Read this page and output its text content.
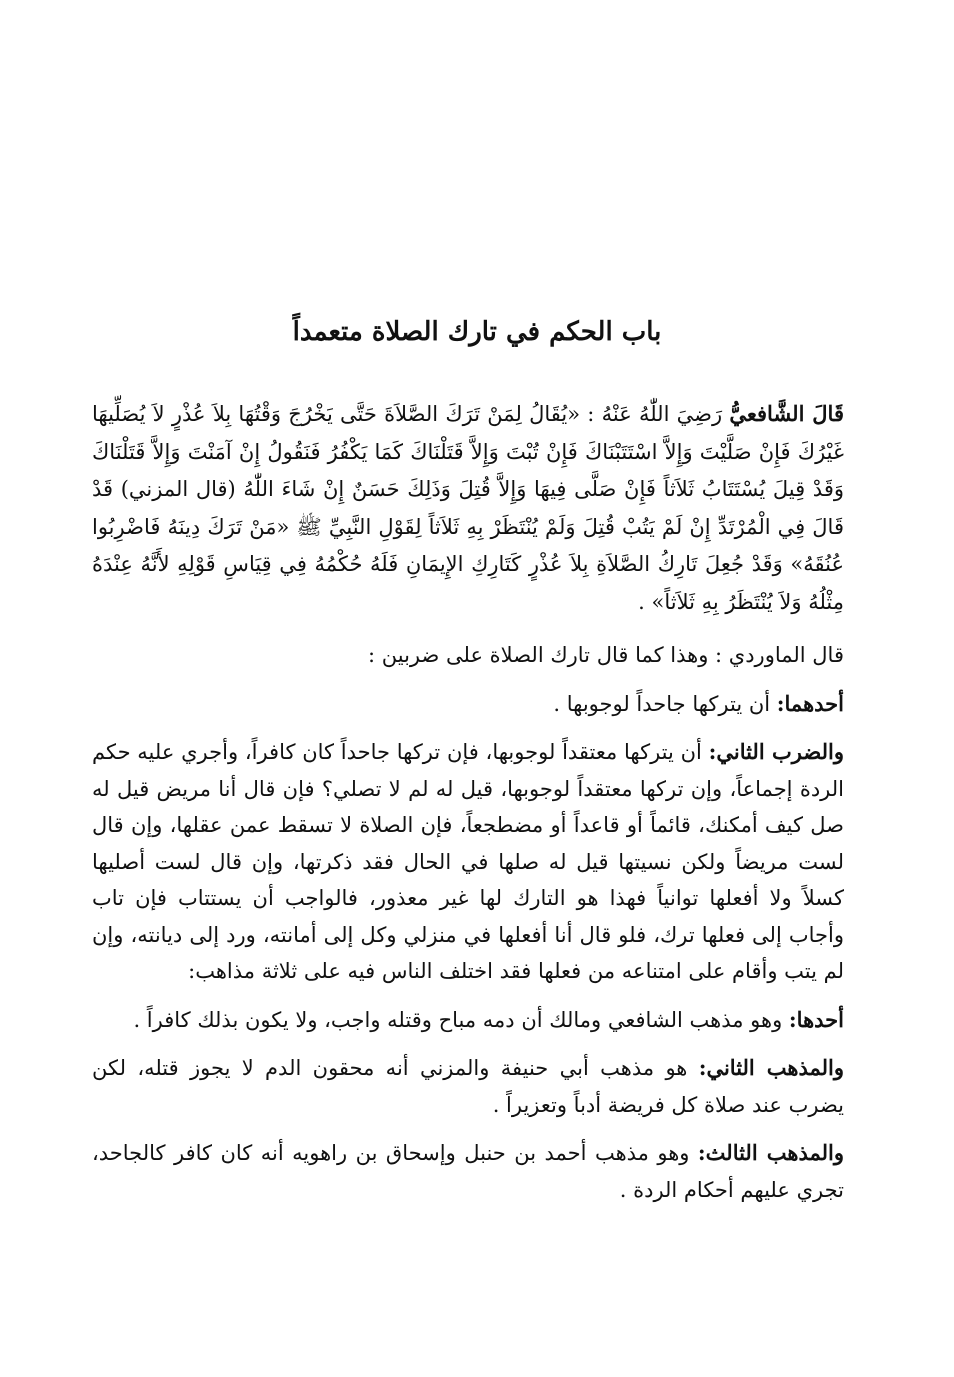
باب الحكم في تارك الصلاة متعمداً

قَالَ الشَّافعيُّ رَضِيَ اللّٰهُ عَنْهُ : «يُقَالُ لِمَنْ تَرَكَ الصَّلاَةَ حَتَّى يَخْرُجَ وَقْتُهَا بِلاَ عُذْرٍ لاَ يُصَلِّيهَا غَيْرُكَ فَإِنْ صَلَّيْتَ وَإِلاَّ اسْتَتَبْنَاكَ فَإِنْ تُبْتَ وَإِلاَّ قَتَلْنَاكَ كَمَا يَكْفُرُ فَنَقُولُ إِنْ آمَنْتَ وَإِلاَّ قَتَلْنَاكَ وَقَدْ قِيلَ يُسْتَتَابُ ثَلاَثاً فَإِنْ صَلَّى فِيهَا وَإِلاَّ قُتِلَ وَذَلِكَ حَسَنٌ إِنْ شَاءَ اللّٰهُ (قال المزني) قَدْ قَالَ فِي الْمُرْتَدِّ إِنْ لَمْ يَتُبْ قُتِلَ وَلَمْ يُنْتَظَرْ بِهِ ثَلاَثاً لِقَوْلِ النَّبِيِّ ﷺ «مَنْ تَرَكَ دِينَهُ فَاضْرِبُوا عُنُقَهُ» وَقَدْ جُعِلَ تَارِكُ الصَّلاَةِ بِلاَ عُذْرٍ كَتَارِكِ الإِيمَانِ فَلَهُ حُكْمُهُ فِي قِيَاسِ قَوْلِهِ لأَنَّهُ عِنْدَهُ مِثْلُهُ وَلاَ يُنْتَظَرُ بِهِ ثَلاَثاً» .

قال الماوردي : وهذا كما قال تارك الصلاة على ضربين :

أحدهما: أن يتركها جاحداً لوجوبها .

والضرب الثاني: أن يتركها معتقداً لوجوبها، فإن تركها جاحداً كان كافراً، وأجري عليه حكم الردة إجماعاً، وإن تركها معتقداً لوجوبها، قيل له لم لا تصلي؟ فإن قال أنا مريض قيل له صل كيف أمكنك، قائماً أو قاعداً أو مضطجعاً، فإن الصلاة لا تسقط عمن عقلها، وإن قال لست مريضاً ولكن نسيتها قيل له صلها في الحال فقد ذكرتها، وإن قال لست أصليها كسلاً ولا أفعلها توانياً فهذا هو التارك لها غير معذور، فالواجب أن يستتاب فإن تاب وأجاب إلى فعلها ترك، فلو قال أنا أفعلها في منزلي وكل إلى أمانته، ورد إلى ديانته، وإن لم يتب وأقام على امتناعه من فعلها فقد اختلف الناس فيه على ثلاثة مذاهب:

أحدها: وهو مذهب الشافعي ومالك أن دمه مباح وقتله واجب، ولا يكون بذلك كافراً .

والمذهب الثاني: هو مذهب أبي حنيفة والمزني أنه محقون الدم لا يجوز قتله، لكن يضرب عند صلاة كل فريضة أدباً وتعزيراً .

والمذهب الثالث: وهو مذهب أحمد بن حنبل وإسحاق بن راهويه أنه كان كافر كالجاحد، تجري عليهم أحكام الردة .
